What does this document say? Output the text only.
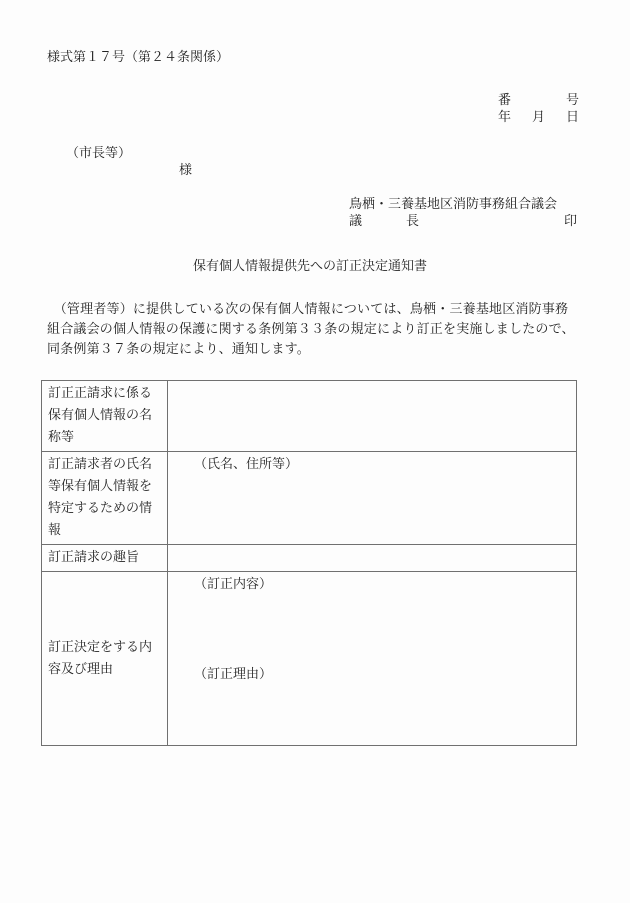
様式第１７号（第２４条関係）
番	号
年 月 日
（市長等）
様
鳥栖・三養基地区消防事務組合議会
議	長	印
保有個人情報提供先への訂正決定通知書

　（管理者等）に提供している次の保有個人情報については、鳥栖・三養基地区消防事務

組合議会の個人情報の保護に関する条例第３３条の規定により訂正を実施しましたので、

同条例第３７条の規定により、通知します。

訂正正請求に係る保有個人情報の名称等	
訂正請求者の氏名等保有個人情報を特定するための情報	（氏名、住所等）

訂正請求の趣旨	
訂正決定をする内容及び理由	（訂正内容）
（訂正理由）
